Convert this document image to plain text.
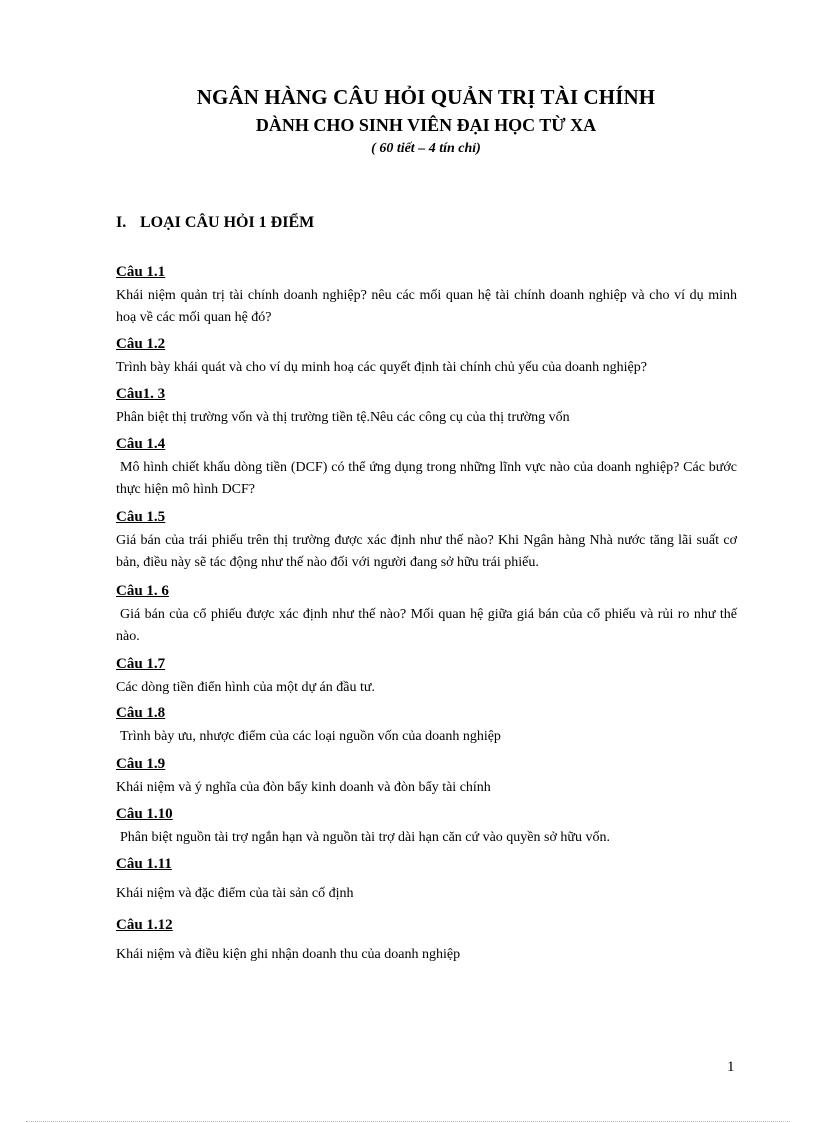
NGÂN HÀNG CÂU HỎI QUẢN TRỊ TÀI CHÍNH
DÀNH CHO SINH VIÊN ĐẠI HỌC TỪ XA
( 60 tiết – 4 tín chỉ)
I. LOẠI CÂU HỎI 1 ĐIỂM
Câu 1.1
Khái niệm quản trị tài chính doanh nghiệp? nêu các mối quan hệ tài chính doanh nghiệp và cho ví dụ minh hoạ về các mối quan hệ đó?
Câu 1.2
Trình bày khái quát và cho ví dụ minh hoạ các quyết định tài chính chủ yếu của doanh nghiệp?
Câu1. 3
Phân biệt thị trường vốn và thị trường tiền tệ.Nêu các công cụ của thị trường vốn
Câu 1.4
Mô hình chiết khấu dòng tiền (DCF) có thể ứng dụng trong những lĩnh vực nào của doanh nghiệp? Các bước thực hiện mô hình DCF?
Câu 1.5
Giá bán của trái phiếu trên thị trường được xác định như thế nào? Khi Ngân hàng Nhà nước tăng lãi suất cơ bản, điều này sẽ tác động như thế nào đối với người đang sở hữu trái phiếu.
Câu 1. 6
Giá bán của cổ phiếu được xác định như thế nào? Mối quan hệ giữa giá bán của cổ phiếu và rủi ro như thế nào.
Câu 1.7
Các dòng tiền điển hình của một dự án đầu tư.
Câu 1.8
Trình bày ưu, nhược điểm của các loại nguồn vốn của doanh nghiệp
Câu 1.9
Khái niệm và ý nghĩa của đòn bẩy kinh doanh và đòn bẩy tài chính
Câu 1.10
Phân biệt nguồn tài trợ ngắn hạn và nguồn tài trợ dài hạn căn cứ vào quyền sở hữu vốn.
Câu 1.11
Khái niệm và đặc điểm của tài sản cố định
Câu 1.12
Khái niệm và điều kiện ghi nhận doanh thu của doanh nghiệp
1
